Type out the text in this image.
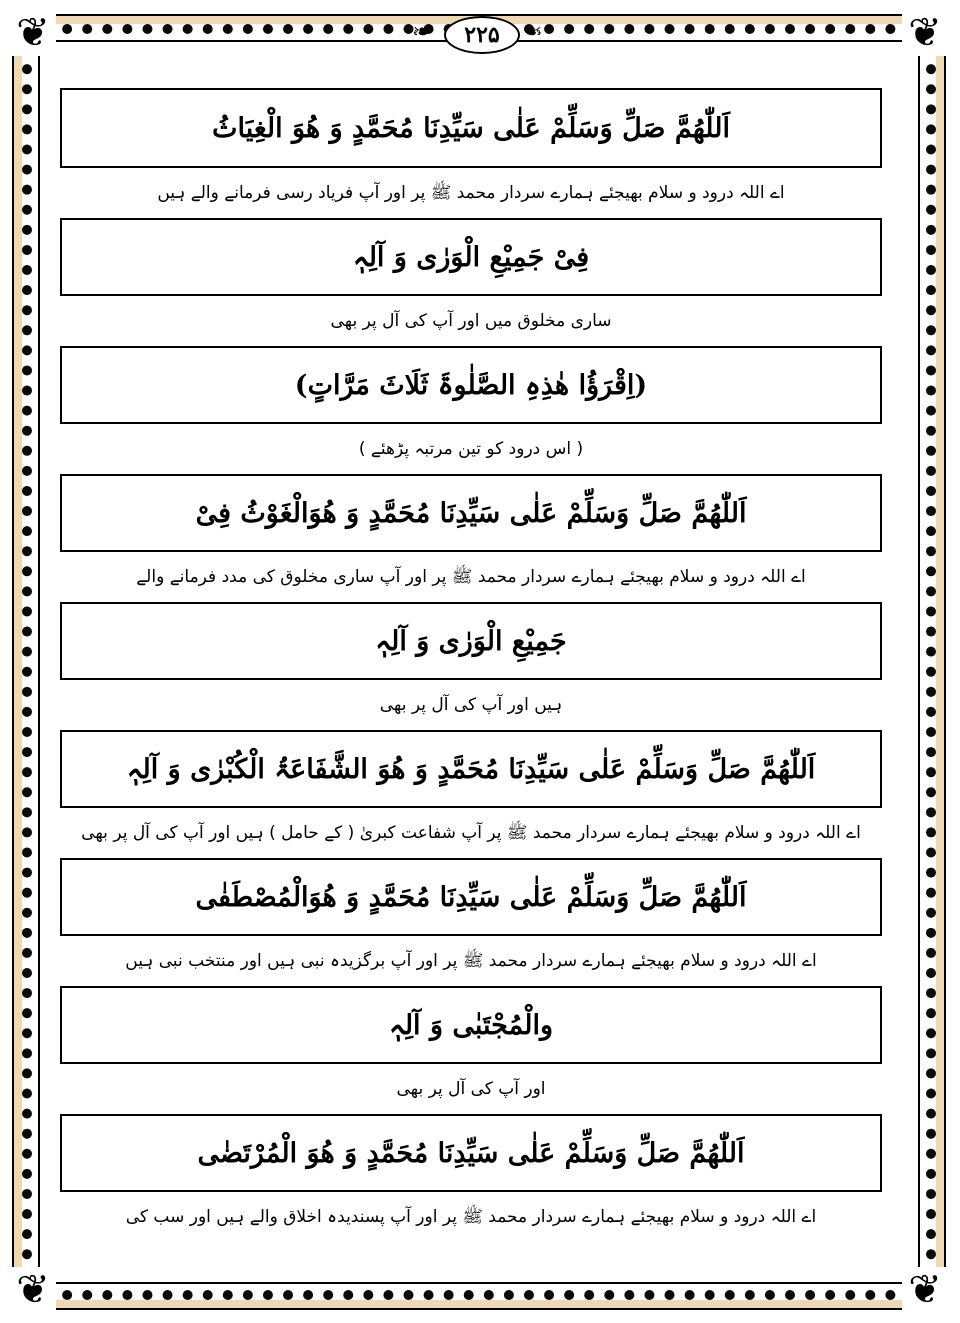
❦	❦
❦	❦
❧	۲۲۵	❧
اَللّٰھُمَّ صَلِّ وَسَلِّمْ عَلٰی سَیِّدِنَا مُحَمَّدٍ وَ ھُوَ الْغِیَاثُ
اے اللہ درود و سلام بھیجئے ہمارے سردار محمد ﷺ پر اور آپ فریاد رسی فرمانے والے ہیں
فِیْ جَمِیْعِ الْوَرٰی وَ آلِہٖ
ساری مخلوق میں اور آپ کی آل پر بھی
(اِقْرَؤُا ھٰذِہِ الصَّلٰوۃَ ثَلَاثَ مَرَّاتٍ)
( اس درود کو تین مرتبہ پڑھئے )
اَللّٰھُمَّ صَلِّ وَسَلِّمْ عَلٰی سَیِّدِنَا مُحَمَّدٍ وَ ھُوَالْغَوْثُ فِیْ
اے اللہ درود و سلام بھیجئے ہمارے سردار محمد ﷺ پر اور آپ ساری مخلوق کی مدد فرمانے والے
جَمِیْعِ الْوَرٰی وَ آلِہٖ
ہیں اور آپ کی آل پر بھی
اَللّٰھُمَّ صَلِّ وَسَلِّمْ عَلٰی سَیِّدِنَا مُحَمَّدٍ وَ ھُوَ الشَّفَاعَۃُ الْکُبْرٰی وَ آلِہٖ
اے اللہ درود و سلام بھیجئے ہمارے سردار محمد ﷺ پر آپ شفاعت کبریٰ ( کے حامل ) ہیں اور آپ کی آل پر بھی
اَللّٰھُمَّ صَلِّ وَسَلِّمْ عَلٰی سَیِّدِنَا مُحَمَّدٍ وَ ھُوَالْمُصْطَفٰی
اے اللہ درود و سلام بھیجئے ہمارے سردار محمد ﷺ پر اور آپ برگزیدہ نبی ہیں اور منتخب نبی ہیں
والْمُجْتَبٰی وَ آلِہٖ
اور آپ کی آل پر بھی
اَللّٰھُمَّ صَلِّ وَسَلِّمْ عَلٰی سَیِّدِنَا مُحَمَّدٍ وَ ھُوَ الْمُرْتَضٰی
اے اللہ درود و سلام بھیجئے ہمارے سردار محمد ﷺ پر اور آپ پسندیدہ اخلاق والے ہیں اور سب کی
